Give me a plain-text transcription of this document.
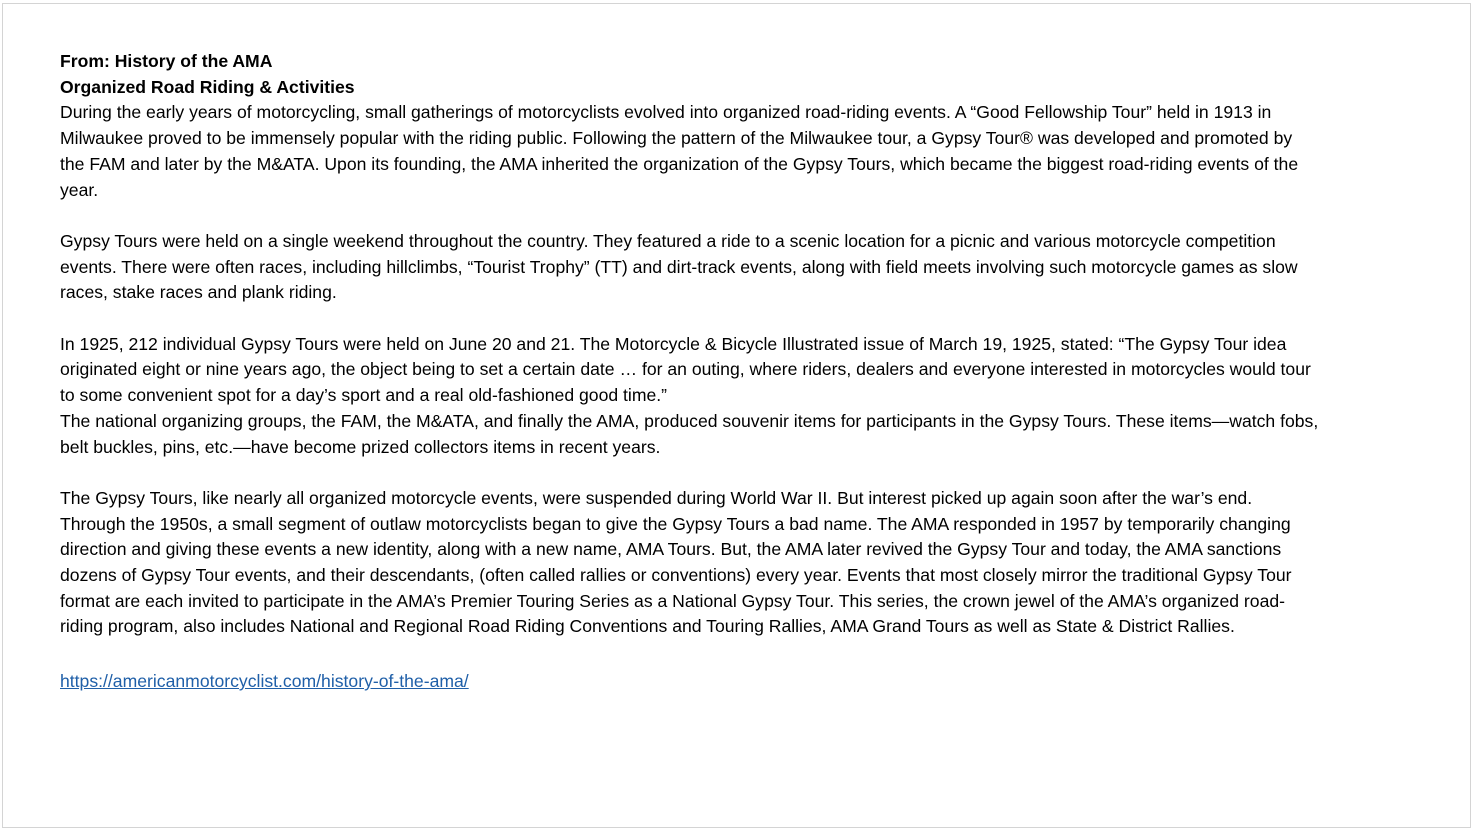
From: History of the AMA
Organized Road Riding & Activities

During the early years of motorcycling, small gatherings of motorcyclists evolved into organized road-riding events. A “Good Fellowship Tour” held in 1913 in Milwaukee proved to be immensely popular with the riding public. Following the pattern of the Milwaukee tour, a Gypsy Tour® was developed and promoted by the FAM and later by the M&ATA. Upon its founding, the AMA inherited the organization of the Gypsy Tours, which became the biggest road-riding events of the year.

Gypsy Tours were held on a single weekend throughout the country. They featured a ride to a scenic location for a picnic and various motorcycle competition events. There were often races, including hillclimbs, “Tourist Trophy” (TT) and dirt-track events, along with field meets involving such motorcycle games as slow races, stake races and plank riding.

In 1925, 212 individual Gypsy Tours were held on June 20 and 21. The Motorcycle & Bicycle Illustrated issue of March 19, 1925, stated: “The Gypsy Tour idea originated eight or nine years ago, the object being to set a certain date … for an outing, where riders, dealers and everyone interested in motorcycles would tour to some convenient spot for a day’s sport and a real old-fashioned good time.”

The national organizing groups, the FAM, the M&ATA, and finally the AMA, produced souvenir items for participants in the Gypsy Tours. These items—watch fobs, belt buckles, pins, etc.—have become prized collectors items in recent years.

The Gypsy Tours, like nearly all organized motorcycle events, were suspended during World War II. But interest picked up again soon after the war’s end. Through the 1950s, a small segment of outlaw motorcyclists began to give the Gypsy Tours a bad name. The AMA responded in 1957 by temporarily changing direction and giving these events a new identity, along with a new name, AMA Tours. But, the AMA later revived the Gypsy Tour and today, the AMA sanctions dozens of Gypsy Tour events, and their descendants, (often called rallies or conventions) every year. Events that most closely mirror the traditional Gypsy Tour format are each invited to participate in the AMA’s Premier Touring Series as a National Gypsy Tour. This series, the crown jewel of the AMA’s organized road-riding program, also includes National and Regional Road Riding Conventions and Touring Rallies, AMA Grand Tours as well as State & District Rallies.

https://americanmotorcyclist.com/history-of-the-ama/
